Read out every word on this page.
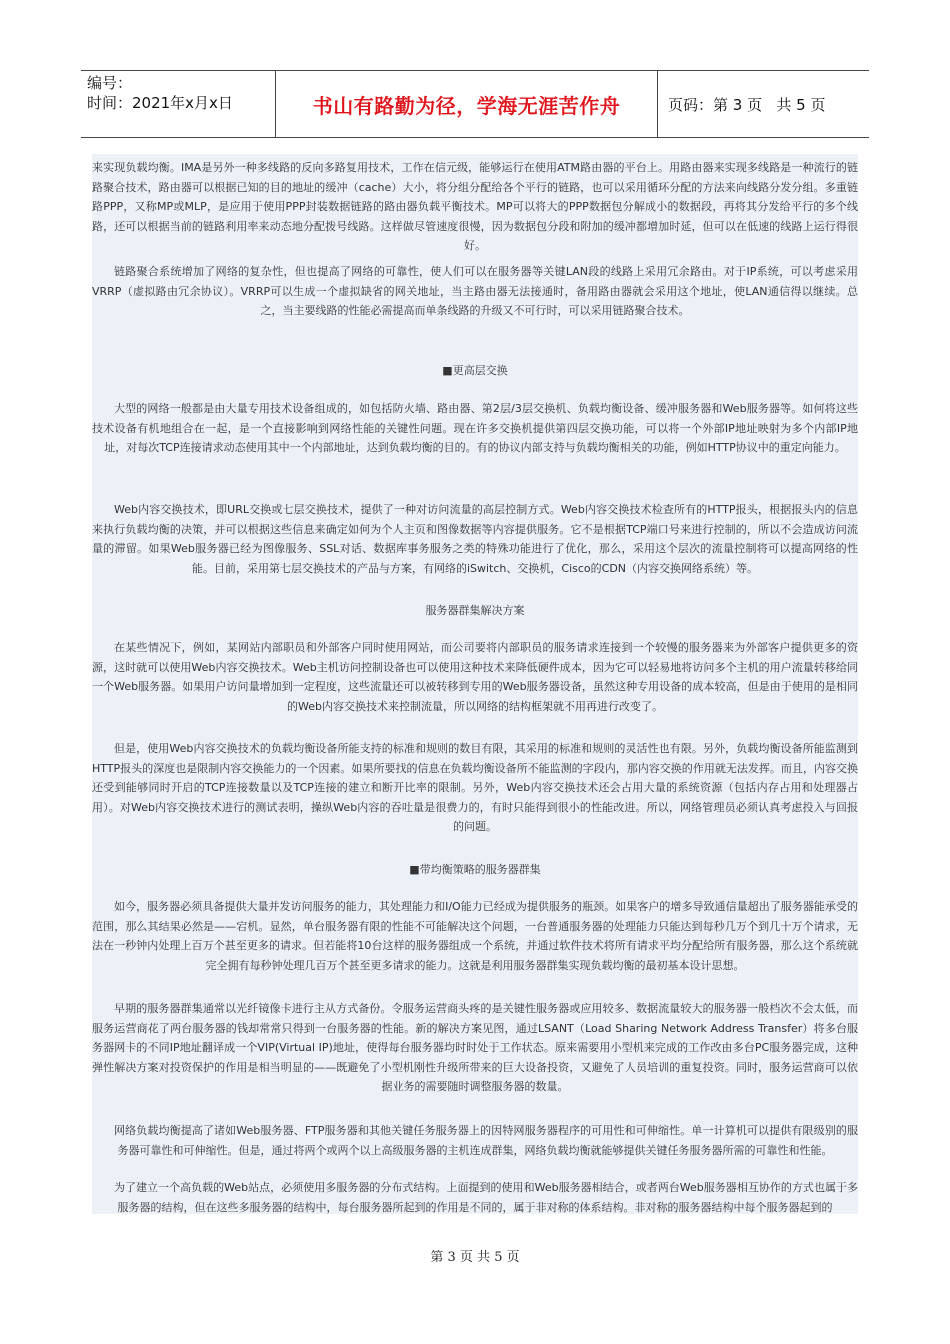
编号：
时间：2021年x月x日	书山有路勤为径，学海无涯苦作舟	页码：第 3 页   共 5 页

来实现负载均衡。IMA是另外一种多线路的反向多路复用技术，工作在信元级，能够运行在使用ATM路由器的平台上。用路由器来实现多线路是一种流行的链路聚合技术，路由器可以根据已知的目的地址的缓冲（cache）大小，将分组分配给各个平行的链路，也可以采用循环分配的方法来向线路分发分组。多重链路PPP，又称MP或MLP，是应用于使用PPP封装数据链路的路由器负载平衡技术。MP可以将大的PPP数据包分解成小的数据段，再将其分发给平行的多个线路，还可以根据当前的链路利用率来动态地分配拨号线路。这样做尽管速度很慢，因为数据包分段和附加的缓冲都增加时延，但可以在低速的线路上运行得很好。

链路聚合系统增加了网络的复杂性，但也提高了网络的可靠性，使人们可以在服务器等关键LAN段的线路上采用冗余路由。对于IP系统，可以考虑采用VRRP（虚拟路由冗余协议）。VRRP可以生成一个虚拟缺省的网关地址，当主路由器无法接通时，备用路由器就会采用这个地址，使LAN通信得以继续。总之，当主要线路的性能必需提高而单条线路的升级又不可行时，可以采用链路聚合技术。

■更高层交换

大型的网络一般都是由大量专用技术设备组成的，如包括防火墙、路由器、第2层/3层交换机、负载均衡设备、缓冲服务器和Web服务器等。如何将这些技术设备有机地组合在一起，是一个直接影响到网络性能的关键性问题。现在许多交换机提供第四层交换功能，可以将一个外部IP地址映射为多个内部IP地址，对每次TCP连接请求动态使用其中一个内部地址，达到负载均衡的目的。有的协议内部支持与负载均衡相关的功能，例如HTTP协议中的重定向能力。

Web内容交换技术，即URL交换或七层交换技术，提供了一种对访问流量的高层控制方式。Web内容交换技术检查所有的HTTP报头，根据报头内的信息来执行负载均衡的决策，并可以根据这些信息来确定如何为个人主页和图像数据等内容提供服务。它不是根据TCP端口号来进行控制的，所以不会造成访问流量的滞留。如果Web服务器已经为图像服务、SSL对话、数据库事务服务之类的特殊功能进行了优化，那么，采用这个层次的流量控制将可以提高网络的性能。目前，采用第七层交换技术的产品与方案，有网络的iSwitch、交换机，Cisco的CDN（内容交换网络系统）等。

服务器群集解决方案

在某些情况下，例如，某网站内部职员和外部客户同时使用网站，而公司要将内部职员的服务请求连接到一个较慢的服务器来为外部客户提供更多的资源，这时就可以使用Web内容交换技术。Web主机访问控制设备也可以使用这种技术来降低硬件成本，因为它可以轻易地将访问多个主机的用户流量转移给同一个Web服务器。如果用户访问量增加到一定程度，这些流量还可以被转移到专用的Web服务器设备，虽然这种专用设备的成本较高，但是由于使用的是相同的Web内容交换技术来控制流量，所以网络的结构框架就不用再进行改变了。

但是，使用Web内容交换技术的负载均衡设备所能支持的标准和规则的数目有限，其采用的标准和规则的灵活性也有限。另外，负载均衡设备所能监测到HTTP报头的深度也是限制内容交换能力的一个因素。如果所要找的信息在负载均衡设备所不能监测的字段内，那内容交换的作用就无法发挥。而且，内容交换还受到能够同时开启的TCP连接数量以及TCP连接的建立和断开比率的限制。另外，Web内容交换技术还会占用大量的系统资源（包括内存占用和处理器占用）。对Web内容交换技术进行的测试表明，操纵Web内容的吞吐量是很费力的，有时只能得到很小的性能改进。所以，网络管理员必须认真考虑投入与回报的问题。

■带均衡策略的服务器群集

如今，服务器必须具备提供大量并发访问服务的能力，其处理能力和I/O能力已经成为提供服务的瓶颈。如果客户的增多导致通信量超出了服务器能承受的范围，那么其结果必然是——宕机。显然，单台服务器有限的性能不可能解决这个问题，一台普通服务器的处理能力只能达到每秒几万个到几十万个请求，无法在一秒钟内处理上百万个甚至更多的请求。但若能将10台这样的服务器组成一个系统，并通过软件技术将所有请求平均分配给所有服务器，那么这个系统就完全拥有每秒钟处理几百万个甚至更多请求的能力。这就是利用服务器群集实现负载均衡的最初基本设计思想。

早期的服务器群集通常以光纤镜像卡进行主从方式备份。令服务运营商头疼的是关键性服务器或应用较多、数据流量较大的服务器一般档次不会太低，而服务运营商花了两台服务器的钱却常常只得到一台服务器的性能。新的解决方案见图，通过LSANT（Load Sharing Network Address Transfer）将多台服务器网卡的不同IP地址翻译成一个VIP(Virtual IP)地址，使得每台服务器均时时处于工作状态。原来需要用小型机来完成的工作改由多台PC服务器完成，这种弹性解决方案对投资保护的作用是相当明显的——既避免了小型机刚性升级所带来的巨大设备投资，又避免了人员培训的重复投资。同时，服务运营商可以依据业务的需要随时调整服务器的数量。

网络负载均衡提高了诸如Web服务器、FTP服务器和其他关键任务服务器上的因特网服务器程序的可用性和可伸缩性。单一计算机可以提供有限级别的服务器可靠性和可伸缩性。但是，通过将两个或两个以上高级服务器的主机连成群集，网络负载均衡就能够提供关键任务服务器所需的可靠性和性能。

为了建立一个高负载的Web站点，必须使用多服务器的分布式结构。上面提到的使用和Web服务器相结合，或者两台Web服务器相互协作的方式也属于多服务器的结构，但在这些多服务器的结构中，每台服务器所起到的作用是不同的，属于非对称的体系结构。非对称的服务器结构中每个服务器起到的

第 3 页 共 5 页
